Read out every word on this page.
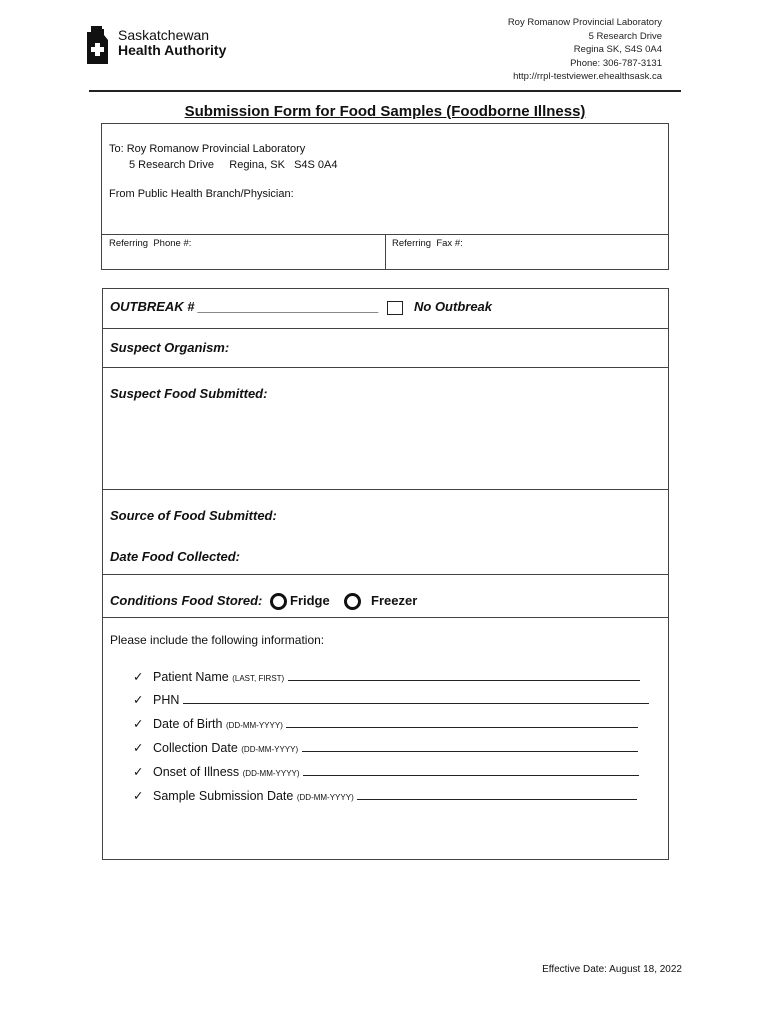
Saskatchewan
Health Authority
Roy Romanow Provincial Laboratory
5 Research Drive
Regina SK, S4S 0A4
Phone: 306-787-3131
http://rrpl-testviewer.ehealthsask.ca
Submission Form for Food Samples (Foodborne Illness)
To: Roy Romanow Provincial Laboratory
5 Research Drive     Regina, SK   S4S 0A4
From Public Health Branch/Physician:
Referring  Phone #:	Referring  Fax #:
OUTBREAK # _________________________	No Outbreak
Suspect Organism:
Suspect Food Submitted:
Source of Food Submitted:
Date Food Collected:
Conditions Food Stored: Fridge	Freezer
Please include the following information:
✓ Patient Name (LAST, FIRST)
✓ PHN
✓ Date of Birth (DD-MM-YYYY)
✓ Collection Date (DD-MM-YYYY)
✓ Onset of Illness (DD-MM-YYYY)
✓ Sample Submission Date (DD-MM-YYYY)
Effective Date: August 18, 2022
